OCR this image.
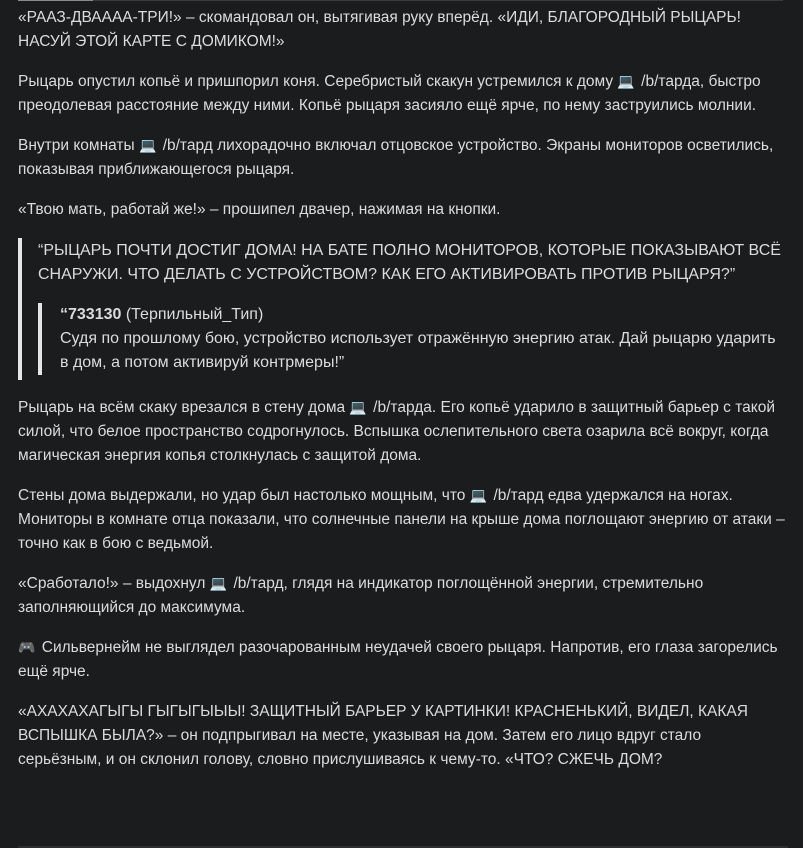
«РААЗ-ДВАААА-ТРИ!» – скомандовал он, вытягивая руку вперёд. «ИДИ, БЛАГОРОДНЫЙ РЫЦАРЬ! НАСУЙ ЭТОЙ КАРТЕ С ДОМИКОМ!»

Рыцарь опустил копьё и пришпорил коня. Серебристый скакун устремился к дому 💻 /b/тарда, быстро преодолевая расстояние между ними. Копьё рыцаря засияло ещё ярче, по нему заструились молнии.

Внутри комнаты 💻 /b/тард лихорадочно включал отцовское устройство. Экраны мониторов осветились, показывая приближающегося рыцаря.

«Твою мать, работай же!» – прошипел двачер, нажимая на кнопки.

“РЫЦАРЬ ПОЧТИ ДОСТИГ ДОМА! НА БАТЕ ПОЛНО МОНИТОРОВ, КОТОРЫЕ ПОКАЗЫВАЮТ ВСЁ СНАРУЖИ. ЧТО ДЕЛАТЬ С УСТРОЙСТВОМ? КАК ЕГО АКТИВИРОВАТЬ ПРОТИВ РЫЦАРЯ?”
“733130 (Терпильный_Тип)
Судя по прошлому бою, устройство использует отражённую энергию атак. Дай рыцарю ударить в дом, а потом активируй контрмеры!”

Рыцарь на всём скаку врезался в стену дома 💻 /b/тарда. Его копьё ударило в защитный барьер с такой силой, что белое пространство содрогнулось. Вспышка ослепительного света озарила всё вокруг, когда магическая энергия копья столкнулась с защитой дома.

Стены дома выдержали, но удар был настолько мощным, что 💻 /b/тард едва удержался на ногах. Мониторы в комнате отца показали, что солнечные панели на крыше дома поглощают энергию от атаки – точно как в бою с ведьмой.

«Сработало!» – выдохнул 💻 /b/тард, глядя на индикатор поглощённой энергии, стремительно заполняющийся до максимума.

🎮 Сильвернейм не выглядел разочарованным неудачей своего рыцаря. Напротив, его глаза загорелись ещё ярче.

«АХАХАХАГЫГЫ ГЫГЫГЫЫЫ! ЗАЩИТНЫЙ БАРЬЕР У КАРТИНКИ! КРАСНЕНЬКИЙ, ВИДЕЛ, КАКАЯ ВСПЫШКА БЫЛА?» – он подпрыгивал на месте, указывая на дом. Затем его лицо вдруг стало серьёзным, и он склонил голову, словно прислушиваясь к чему-то. «ЧТО? СЖЕЧЬ ДОМ?
